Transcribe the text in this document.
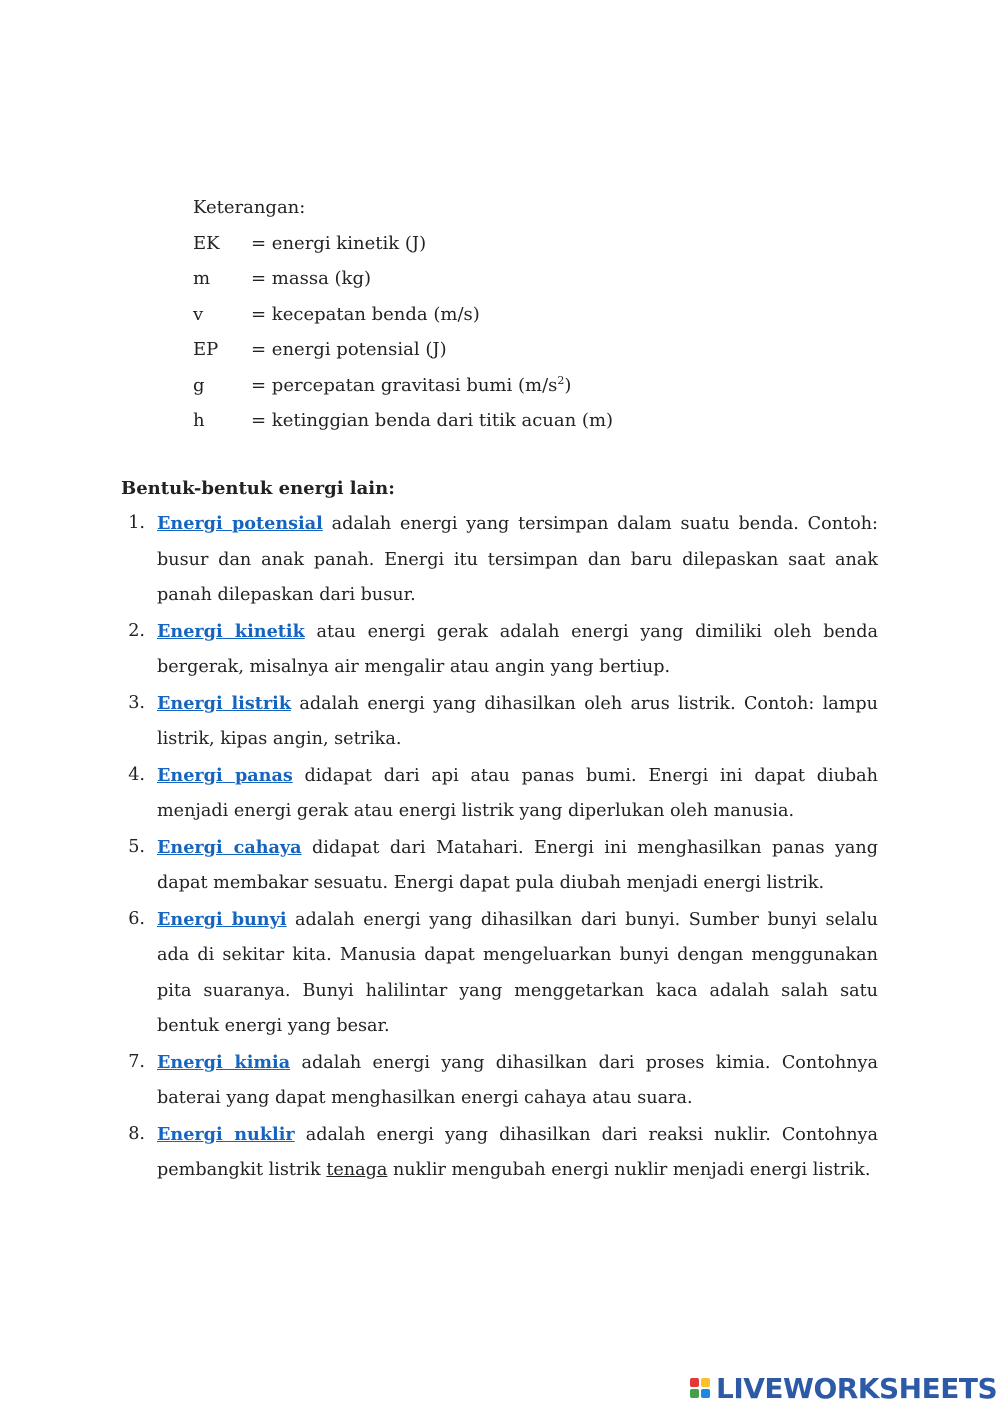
Keterangan:
EK	= energi kinetik (J)
m	= massa (kg)
v	= kecepatan benda (m/s)
EP	= energi potensial (J)
g	= percepatan gravitasi bumi $(m/s^2)$
h	= ketinggian benda dari titik acuan (m)
Bentuk-bentuk energi lain:
1. Energi potensial adalah energi yang tersimpan dalam suatu benda. Contoh: busur dan anak panah. Energi itu tersimpan dan baru dilepaskan saat anak panah dilepaskan dari busur.
2. Energi kinetik atau energi gerak adalah energi yang dimiliki oleh benda bergerak, misalnya air mengalir atau angin yang bertiup.
3. Energi listrik adalah energi yang dihasilkan oleh arus listrik. Contoh: lampu listrik, kipas angin, setrika.
4. Energi panas didapat dari api atau panas bumi. Energi ini dapat diubah menjadi energi gerak atau energi listrik yang diperlukan oleh manusia.
5. Energi cahaya didapat dari Matahari. Energi ini menghasilkan panas yang dapat membakar sesuatu. Energi dapat pula diubah menjadi energi listrik.
6. Energi bunyi adalah energi yang dihasilkan dari bunyi. Sumber bunyi selalu ada di sekitar kita. Manusia dapat mengeluarkan bunyi dengan menggunakan pita suaranya. Bunyi halilintar yang menggetarkan kaca adalah salah satu bentuk energi yang besar.
7. Energi kimia adalah energi yang dihasilkan dari proses kimia. Contohnya baterai yang dapat menghasilkan energi cahaya atau suara.
8. Energi nuklir adalah energi yang dihasilkan dari reaksi nuklir. Contohnya pembangkit listrik tenaga nuklir mengubah energi nuklir menjadi energi listrik.
LIVEWORKSHEETS
